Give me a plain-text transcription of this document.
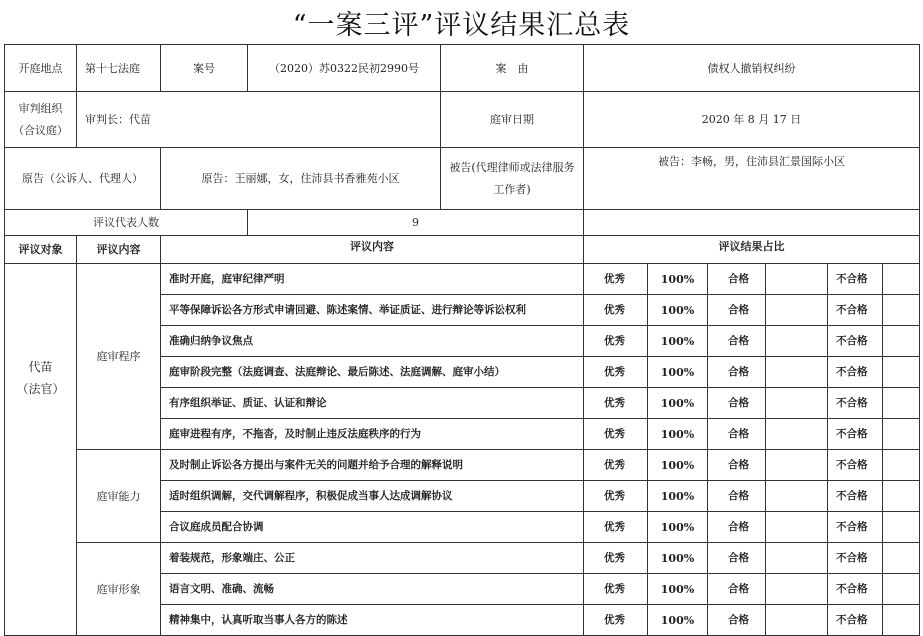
“一案三评”评议结果汇总表
开庭地点	第十七法庭	案号	（2020）苏0322民初2990号	案　由	债权人撤销权纠纷					
审判组织
（合议庭）	审判长：代苗			庭审日期	2020 年 8 月 17 日					
原告（公诉人、代理人）		原告：王丽娜，女，住沛县书香雅苑小区		被告(代理律师或法律服务工作者)	被告：李畅，男，住沛县汇景国际小区					
评议代表人数			9							
评议对象	评议内容	评议内容			评议结果占比					
代苗
（法官）	庭审程序	准时开庭，庭审纪律严明			优秀	100%	合格		不合格	
		平等保障诉讼各方形式申请回避、陈述案情、举证质证、进行辩论等诉讼权利			优秀	100%	合格		不合格	
		准确归纳争议焦点			优秀	100%	合格		不合格	
		庭审阶段完整（法庭调查、法庭辩论、最后陈述、法庭调解、庭审小结）			优秀	100%	合格		不合格	
		有序组织举证、质证、认证和辩论			优秀	100%	合格		不合格	
		庭审进程有序，不拖沓，及时制止违反法庭秩序的行为			优秀	100%	合格		不合格	
	庭审能力	及时制止诉讼各方提出与案件无关的问题并给予合理的解释说明			优秀	100%	合格		不合格	
		适时组织调解，交代调解程序，积极促成当事人达成调解协议			优秀	100%	合格		不合格	
		合议庭成员配合协调			优秀	100%	合格		不合格	
	庭审形象	着装规范，形象端庄、公正			优秀	100%	合格		不合格	
		语言文明、准确、流畅			优秀	100%	合格		不合格	
		精神集中，认真听取当事人各方的陈述			优秀	100%	合格		不合格	
